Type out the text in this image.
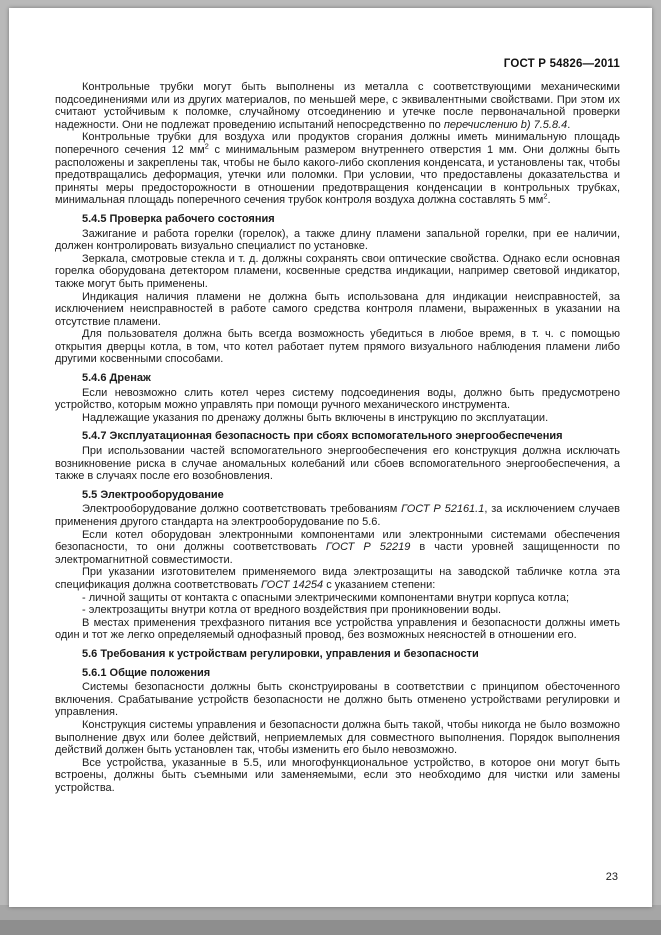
ГОСТ Р 54826—2011

Контрольные трубки могут быть выполнены из металла с соответствующими механическими подсоединениями или из других материалов, по меньшей мере, с эквивалентными свойствами. При этом их считают устойчивым к поломке, случайному отсоединению и утечке после первоначальной проверки надежности. Они не подлежат проведению испытаний непосредственно по перечислению b) 7.5.8.4.

Контрольные трубки для воздуха или продуктов сгорания должны иметь минимальную площадь поперечного сечения 12 $мм^2$ с минимальным размером внутреннего отверстия 1 мм. Они должны быть расположены и закреплены так, чтобы не было какого-либо скопления конденсата, и установлены так, чтобы предотвращались деформация, утечки или поломки. При условии, что предоставлены доказательства и приняты меры предосторожности в отношении предотвращения конденсации в контрольных трубках, минимальная площадь поперечного сечения трубок контроля воздуха должна составлять 5 $мм^2$.

5.4.5 Проверка рабочего состояния

Зажигание и работа горелки (горелок), а также длину пламени запальной горелки, при ее наличии, должен контролировать визуально специалист по установке.

Зеркала, смотровые стекла и т. д. должны сохранять свои оптические свойства. Однако если основная горелка оборудована детектором пламени, косвенные средства индикации, например световой индикатор, также могут быть применены.

Индикация наличия пламени не должна быть использована для индикации неисправностей, за исключением неисправностей в работе самого средства контроля пламени, выраженных в указании на отсутствие пламени.

Для пользователя должна быть всегда возможность убедиться в любое время, в т. ч. с помощью открытия дверцы котла, в том, что котел работает путем прямого визуального наблюдения пламени либо другими косвенными способами.

5.4.6 Дренаж

Если невозможно слить котел через систему подсоединения воды, должно быть предусмотрено устройство, которым можно управлять при помощи ручного механического инструмента.

Надлежащие указания по дренажу должны быть включены в инструкцию по эксплуатации.

5.4.7 Эксплуатационная безопасность при сбоях вспомогательного энергообеспечения

При использовании частей вспомогательного энергообеспечения его конструкция должна исключать возникновение риска в случае аномальных колебаний или сбоев вспомогательного энергообеспечения, а также в случаях после его возобновления.

5.5 Электрооборудование

Электрооборудование должно соответствовать требованиям ГОСТ Р 52161.1, за исключением случаев применения другого стандарта на электрооборудование по 5.6.

Если котел оборудован электронными компонентами или электронными системами обеспечения безопасности, то они должны соответствовать ГОСТ Р 52219 в части уровней защищенности по электромагнитной совместимости.

При указании изготовителем применяемого вида электрозащиты на заводской табличке котла эта спецификация должна соответствовать ГОСТ 14254 с указанием степени:

- личной защиты от контакта с опасными электрическими компонентами внутри корпуса котла;

- электрозащиты внутри котла от вредного воздействия при проникновении воды.

В местах применения трехфазного питания все устройства управления и безопасности должны иметь один и тот же легко определяемый однофазный провод, без возможных неясностей в отношении его.

5.6 Требования к устройствам регулировки, управления и безопасности
5.6.1 Общие положения

Системы безопасности должны быть сконструированы в соответствии с принципом обесточенного включения. Срабатывание устройств безопасности не должно быть отменено устройствами регулировки и управления.

Конструкция системы управления и безопасности должна быть такой, чтобы никогда не было возможно выполнение двух или более действий, неприемлемых для совместного выполнения. Порядок выполнения действий должен быть установлен так, чтобы изменить его было невозможно.

Все устройства, указанные в 5.5, или многофункциональное устройство, в которое они могут быть встроены, должны быть съемными или заменяемыми, если это необходимо для чистки или замены устройства.

23
